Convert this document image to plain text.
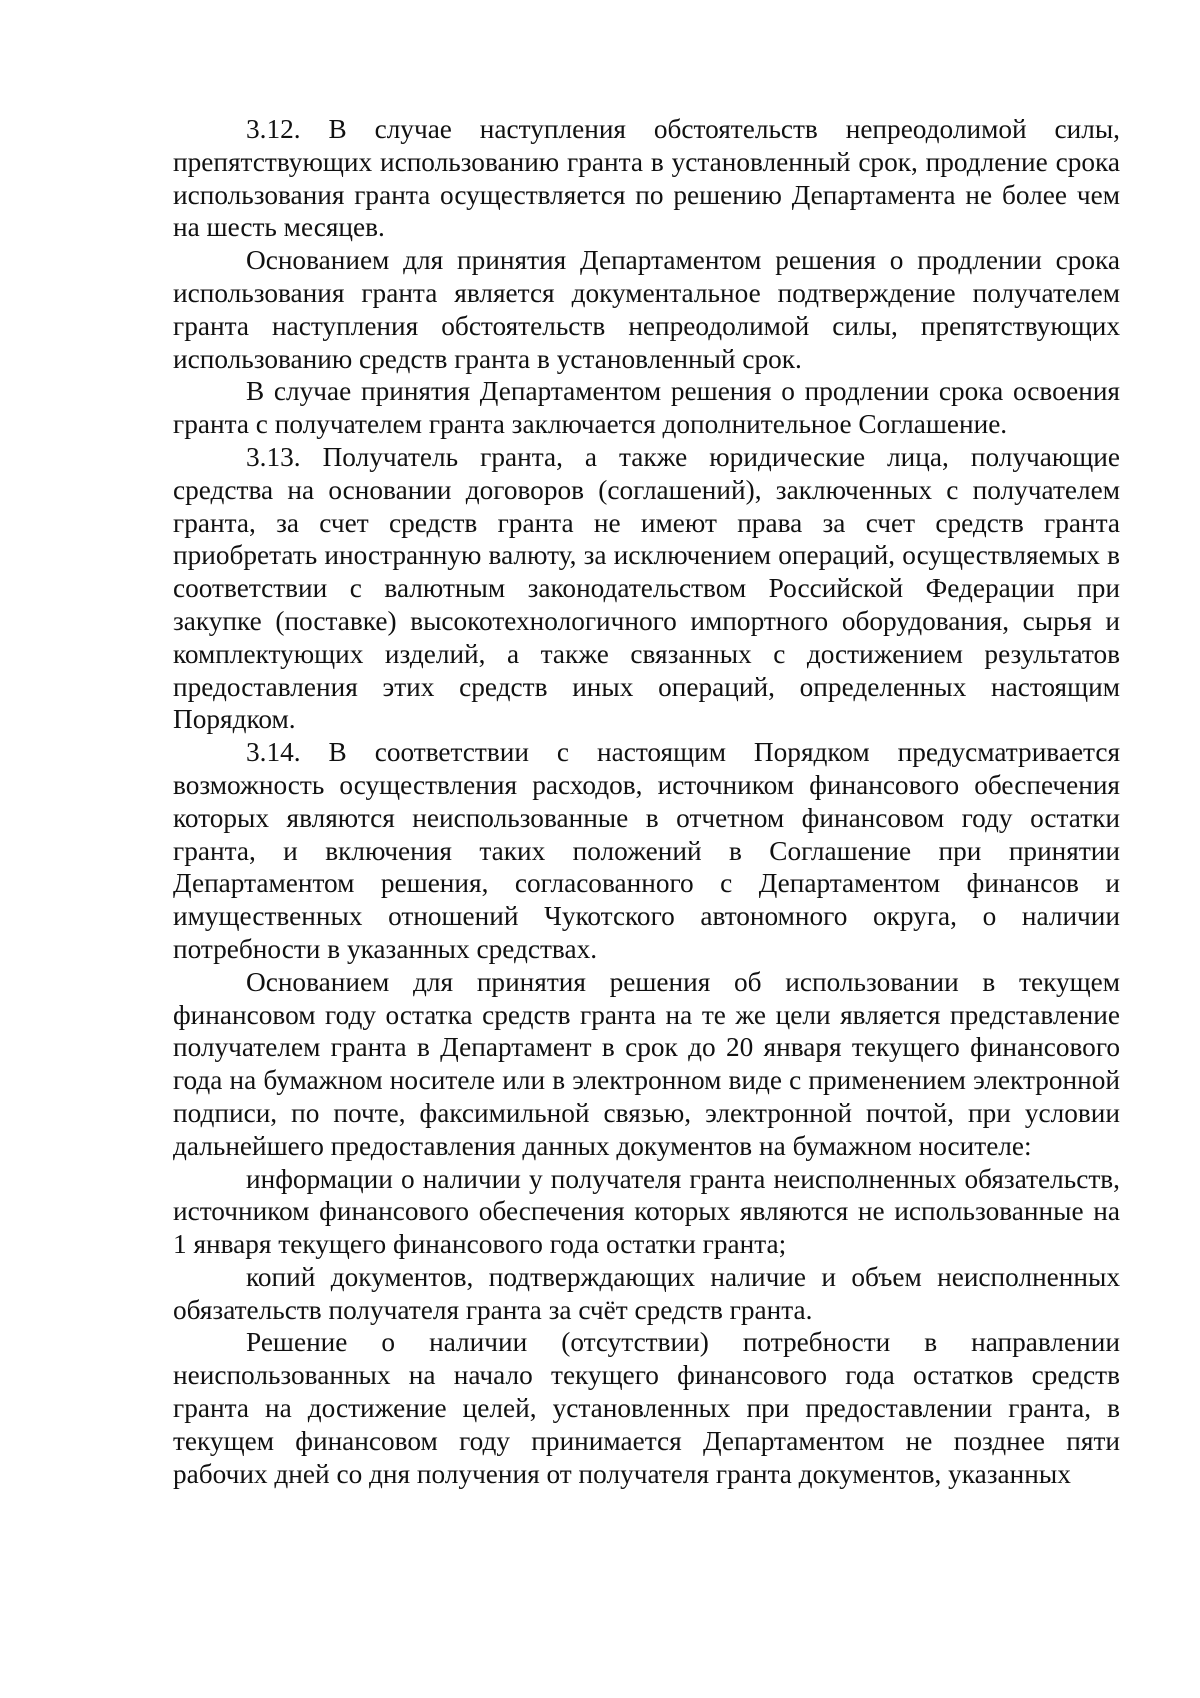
3.12. В случае наступления обстоятельств непреодолимой силы, препятствующих использованию гранта в установленный срок, продление срока использования гранта осуществляется по решению Департамента не более чем на шесть месяцев.

Основанием для принятия Департаментом решения о продлении срока использования гранта является документальное подтверждение получателем гранта наступления обстоятельств непреодолимой силы, препятствующих использованию средств гранта в установленный срок.

В случае принятия Департаментом решения о продлении срока освоения гранта с получателем гранта заключается дополнительное Соглашение.

3.13. Получатель гранта, а также юридические лица, получающие средства на основании договоров (соглашений), заключенных с получателем гранта, за счет средств гранта не имеют права за счет средств гранта приобретать иностранную валюту, за исключением операций, осуществляемых в соответствии с валютным законодательством Российской Федерации при закупке (поставке) высокотехнологичного импортного оборудования, сырья и комплектующих изделий, а также связанных с достижением результатов предоставления этих средств иных операций, определенных настоящим Порядком.

3.14. В соответствии с настоящим Порядком предусматривается возможность осуществления расходов, источником финансового обеспечения которых являются неиспользованные в отчетном финансовом году остатки гранта, и включения таких положений в Соглашение при принятии Департаментом решения, согласованного с Департаментом финансов и имущественных отношений Чукотского автономного округа, о наличии потребности в указанных средствах.

Основанием для принятия решения об использовании в текущем финансовом году остатка средств гранта на те же цели является представление получателем гранта в Департамент в срок до 20 января текущего финансового года на бумажном носителе или в электронном виде с применением электронной подписи, по почте, факсимильной связью, электронной почтой, при условии дальнейшего предоставления данных документов на бумажном носителе:

информации о наличии у получателя гранта неисполненных обязательств, источником финансового обеспечения которых являются не использованные на 1 января текущего финансового года остатки гранта;

копий документов, подтверждающих наличие и объем неисполненных обязательств получателя гранта за счёт средств гранта.

Решение о наличии (отсутствии) потребности в направлении неиспользованных на начало текущего финансового года остатков средств гранта на достижение целей, установленных при предоставлении гранта, в текущем финансовом году принимается Департаментом не позднее пяти рабочих дней со дня получения от получателя гранта документов, указанных
